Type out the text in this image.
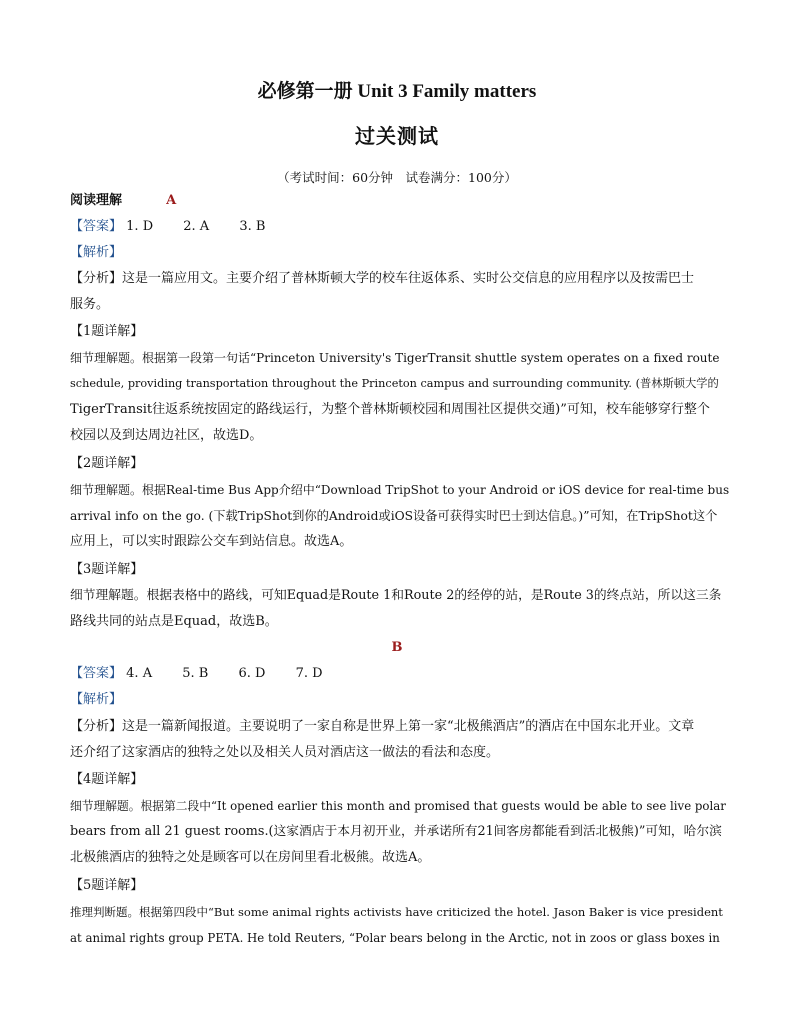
必修第一册 Unit 3 Family matters
过关测试
（考试时间：60分钟　试卷满分：100分）
阅读理解	A
【答案】 1. D 2. A 3. B
【解析】
【分析】这是一篇应用文。主要介绍了普林斯顿大学的校车往返体系、实时公交信息的应用程序以及按需巴士
服务。
【1题详解】
细节理解题。根据第一段第一句话“Princeton University's TigerTransit shuttle system operates on a fixed route
schedule, providing transportation throughout the Princeton campus and surrounding community. (普林斯顿大学的
TigerTransit往返系统按固定的路线运行，为整个普林斯顿校园和周围社区提供交通)”可知，校车能够穿行整个
校园以及到达周边社区，故选D。
【2题详解】
细节理解题。根据Real-time Bus App介绍中“Download TripShot to your Android or iOS device for real-time bus
arrival info on the go. (下载TripShot到你的Android或iOS设备可获得实时巴士到达信息。)”可知，在TripShot这个
应用上，可以实时跟踪公交车到站信息。故选A。
【3题详解】
细节理解题。根据表格中的路线，可知Equad是Route 1和Route 2的经停的站，是Route 3的终点站，所以这三条
路线共同的站点是Equad，故选B。
B
【答案】 4. A 5. B 6. D 7. D
【解析】
【分析】这是一篇新闻报道。主要说明了一家自称是世界上第一家“北极熊酒店”的酒店在中国东北开业。文章
还介绍了这家酒店的独特之处以及相关人员对酒店这一做法的看法和态度。
【4题详解】
细节理解题。根据第二段中“It opened earlier this month and promised that guests would be able to see live polar
bears from all 21 guest rooms.(这家酒店于本月初开业，并承诺所有21间客房都能看到活北极熊)”可知，哈尔滨
北极熊酒店的独特之处是顾客可以在房间里看北极熊。故选A。
【5题详解】
推理判断题。根据第四段中“But some animal rights activists have criticized the hotel. Jason Baker is vice president
at animal rights group PETA. He told Reuters, “Polar bears belong in the Arctic, not in zoos or glass boxes in
